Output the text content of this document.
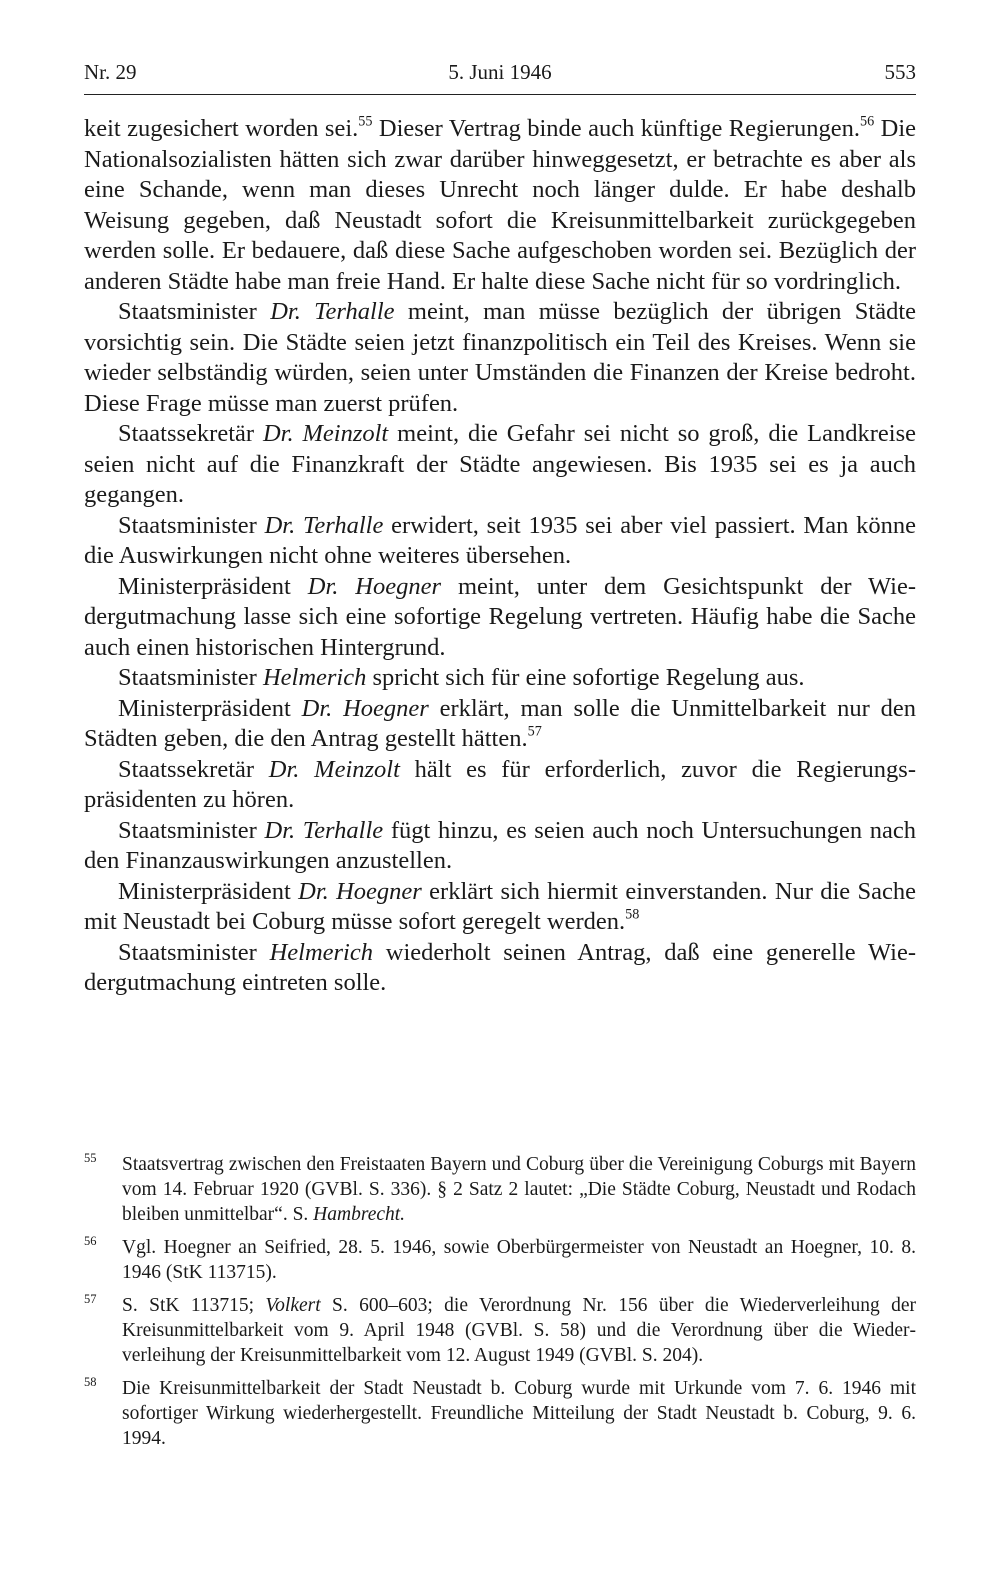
Nr. 29	5. Juni 1946	553

keit zugesichert worden sei.$^{55}$ Dieser Vertrag binde auch künftige Regierungen.$^{56}$ Die Nationalsozialisten hätten sich zwar darüber hinweggesetzt, er betrachte es aber als eine Schande, wenn man dieses Unrecht noch länger dulde. Er habe deshalb Weisung gegeben, daß Neustadt sofort die Kreisunmittelbarkeit zurückgegeben werden solle. Er bedauere, daß diese Sache aufgeschoben worden sei. Bezüglich der anderen Städte habe man freie Hand. Er halte diese Sache nicht für so vordringlich.

Staatsminister Dr. Terhalle meint, man müsse bezüglich der übrigen Städte vorsichtig sein. Die Städte seien jetzt finanzpolitisch ein Teil des Kreises. Wenn sie wieder selbständig würden, seien unter Umständen die Finanzen der Kreise bedroht. Diese Frage müsse man zuerst prüfen.

Staatssekretär Dr. Meinzolt meint, die Gefahr sei nicht so groß, die Landkreise seien nicht auf die Finanzkraft der Städte angewiesen. Bis 1935 sei es ja auch gegangen.

Staatsminister Dr. Terhalle erwidert, seit 1935 sei aber viel passiert. Man könne die Auswirkungen nicht ohne weiteres übersehen.

Ministerpräsident Dr. Hoegner meint, unter dem Gesichtspunkt der Wiedergutmachung lasse sich eine sofortige Regelung vertreten. Häufig habe die Sache auch einen historischen Hintergrund.

Staatsminister Helmerich spricht sich für eine sofortige Regelung aus.

Ministerpräsident Dr. Hoegner erklärt, man solle die Unmittelbarkeit nur den Städten geben, die den Antrag gestellt hätten.$^{57}$

Staatssekretär Dr. Meinzolt hält es für erforderlich, zuvor die Regierungspräsidenten zu hören.

Staatsminister Dr. Terhalle fügt hinzu, es seien auch noch Untersuchungen nach den Finanzauswirkungen anzustellen.

Ministerpräsident Dr. Hoegner erklärt sich hiermit einverstanden. Nur die Sache mit Neustadt bei Coburg müsse sofort geregelt werden.$^{58}$

Staatsminister Helmerich wiederholt seinen Antrag, daß eine generelle Wiedergutmachung eintreten solle.

55 Staatsvertrag zwischen den Freistaaten Bayern und Coburg über die Vereinigung Coburgs mit Bayern vom 14. Februar 1920 (GVBl. S. 336). § 2 Satz 2 lautet: „Die Städte Coburg, Neustadt und Rodach bleiben unmittelbar“. S. Hambrecht.
56 Vgl. Hoegner an Seifried, 28. 5. 1946, sowie Oberbürgermeister von Neustadt an Hoegner, 10. 8. 1946 (StK 113715).
57 S. StK 113715; Volkert S. 600–603; die Verordnung Nr. 156 über die Wiederverleihung der Kreisunmittelbarkeit vom 9. April 1948 (GVBl. S. 58) und die Verordnung über die Wiederverleihung der Kreisunmittelbarkeit vom 12. August 1949 (GVBl. S. 204).
58 Die Kreisunmittelbarkeit der Stadt Neustadt b. Coburg wurde mit Urkunde vom 7. 6. 1946 mit sofortiger Wirkung wiederhergestellt. Freundliche Mitteilung der Stadt Neustadt b. Coburg, 9. 6. 1994.
